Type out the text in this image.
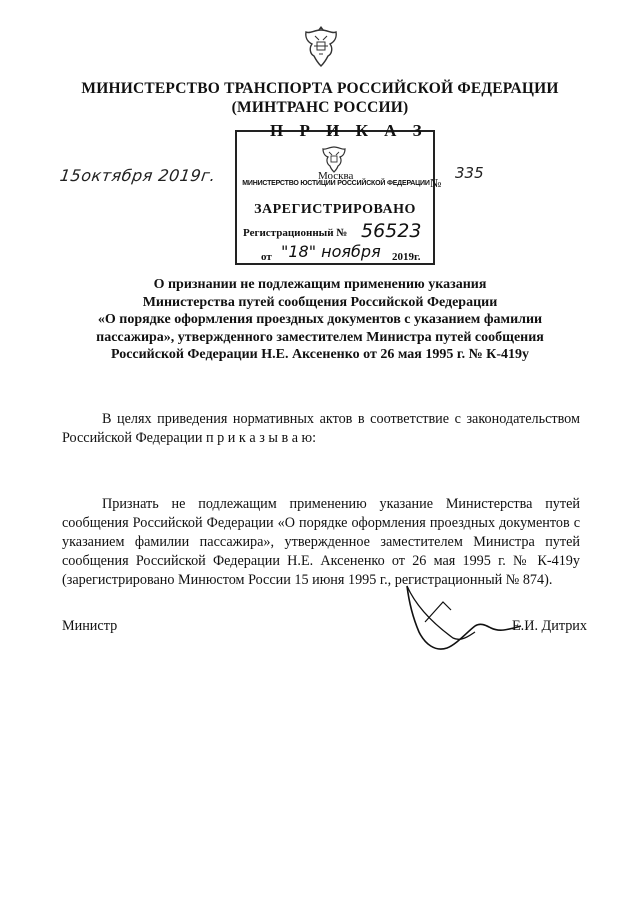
МИНИСТЕРСТВО ТРАНСПОРТА РОССИЙСКОЙ ФЕДЕРАЦИИ
(МИНТРАНС РОССИИ)
МИНИСТЕРСТВО ЮСТИЦИИ РОССИЙСКОЙ ФЕДЕРАЦИИ
ЗАРЕГИСТРИРОВАНО
Регистрационный № 56523
от "18" ноября 2019г.
П Р И К А З
15октября 2019г.	Москва	№
335
О признании не подлежащим применению указания
Министерства путей сообщения Российской Федерации
«О порядке оформления проездных документов с указанием фамилии
пассажира», утвержденного заместителем Министра путей сообщения
Российской Федерации Н.Е. Аксененко от 26 мая 1995 г. № К-419у
В целях приведения нормативных актов в соответствие с законодательством Российской Федерации п р и к а з ы в а ю:
Признать не подлежащим применению указание Министерства путей сообщения Российской Федерации «О порядке оформления проездных документов с указанием фамилии пассажира», утвержденное заместителем Министра путей сообщения Российской Федерации Н.Е. Аксененко от 26 мая 1995 г. № К-419у (зарегистрировано Минюстом России 15 июня 1995 г., регистрационный № 874).
Министр	Е.И. Дитрих
